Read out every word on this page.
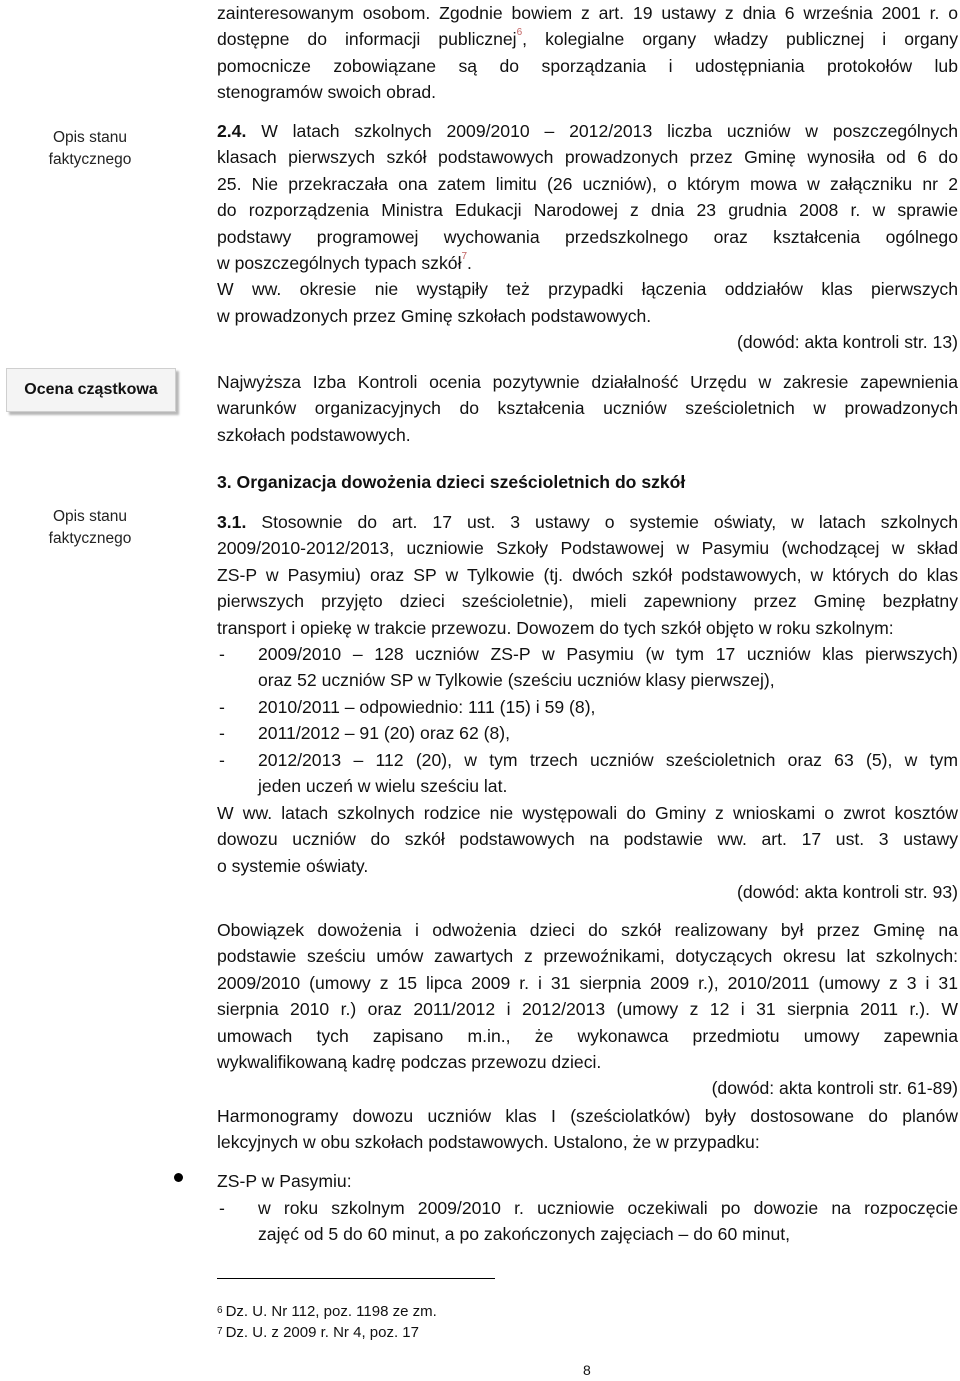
Opis stanu
faktycznego
Ocena cząstkowa
Opis stanu
faktycznego
zainteresowanym osobom. Zgodnie bowiem z art. 19 ustawy z dnia 6 września 2001 r. o
dostępne do informacji publicznej$^6$, kolegialne organy władzy publicznej i organy
pomocnicze zobowiązane są do sporządzania i udostępniania protokołów lub
stenogramów swoich obrad.
2.4. W latach szkolnych 2009/2010 – 2012/2013 liczba uczniów w poszczególnych
klasach pierwszych szkół podstawowych prowadzonych przez Gminę wynosiła od 6 do
25. Nie przekraczała ona zatem limitu (26 uczniów), o którym mowa w załączniku nr 2
do rozporządzenia Ministra Edukacji Narodowej z dnia 23 grudnia 2008 r. w sprawie
podstawy programowej wychowania przedszkolnego oraz kształcenia ogólnego
w poszczególnych typach szkół$^7$.
W ww. okresie nie wystąpiły też przypadki łączenia oddziałów klas pierwszych
w prowadzonych przez Gminę szkołach podstawowych.
(dowód: akta kontroli str. 13)
Najwyższa Izba Kontroli ocenia pozytywnie działalność Urzędu w zakresie zapewnienia
warunków organizacyjnych do kształcenia uczniów sześcioletnich w prowadzonych
szkołach podstawowych.
3. Organizacja dowożenia dzieci sześcioletnich do szkół
3.1. Stosownie do art. 17 ust. 3 ustawy o systemie oświaty, w latach szkolnych
2009/2010-2012/2013, uczniowie Szkoły Podstawowej w Pasymiu (wchodzącej w skład
ZS-P w Pasymiu) oraz SP w Tylkowie (tj. dwóch szkół podstawowych, w których do klas
pierwszych przyjęto dzieci sześcioletnie), mieli zapewniony przez Gminę bezpłatny
transport i opiekę w trakcie przewozu. Dowozem do tych szkół objęto w roku szkolnym:
- 2009/2010 – 128 uczniów ZS-P w Pasymiu (w tym 17 uczniów klas pierwszych)
oraz 52 uczniów SP w Tylkowie (sześciu uczniów klasy pierwszej),
- 2010/2011 – odpowiednio: 111 (15) i 59 (8),
- 2011/2012 – 91 (20) oraz 62 (8),
- 2012/2013 – 112 (20), w tym trzech uczniów sześcioletnich oraz 63 (5), w tym
jeden uczeń w wielu sześciu lat.
W ww. latach szkolnych rodzice nie występowali do Gminy z wnioskami o zwrot kosztów
dowozu uczniów do szkół podstawowych na podstawie ww. art. 17 ust. 3 ustawy
o systemie oświaty.
(dowód: akta kontroli str. 93)
Obowiązek dowożenia i odwożenia dzieci do szkół realizowany był przez Gminę na
podstawie sześciu umów zawartych z przewoźnikami, dotyczących okresu lat szkolnych:
2009/2010 (umowy z 15 lipca 2009 r. i 31 sierpnia 2009 r.), 2010/2011 (umowy z 3 i 31
sierpnia 2010 r.) oraz 2011/2012 i 2012/2013 (umowy z 12 i 31 sierpnia 2011 r.). W
umowach tych zapisano m.in., że wykonawca przedmiotu umowy zapewnia
wykwalifikowaną kadrę podczas przewozu dzieci.
(dowód: akta kontroli str. 61-89)
Harmonogramy dowozu uczniów klas I (sześciolatków) były dostosowane do planów
lekcyjnych w obu szkołach podstawowych. Ustalono, że w przypadku:
ZS-P w Pasymiu:
- w roku szkolnym 2009/2010 r. uczniowie oczekiwali po dowozie na rozpoczęcie
zajęć od 5 do 60 minut, a po zakończonych zajęciach – do 60 minut,
$^6$ Dz. U. Nr 112, poz. 1198 ze zm.
$^7$ Dz. U. z 2009 r. Nr 4, poz. 17
8
